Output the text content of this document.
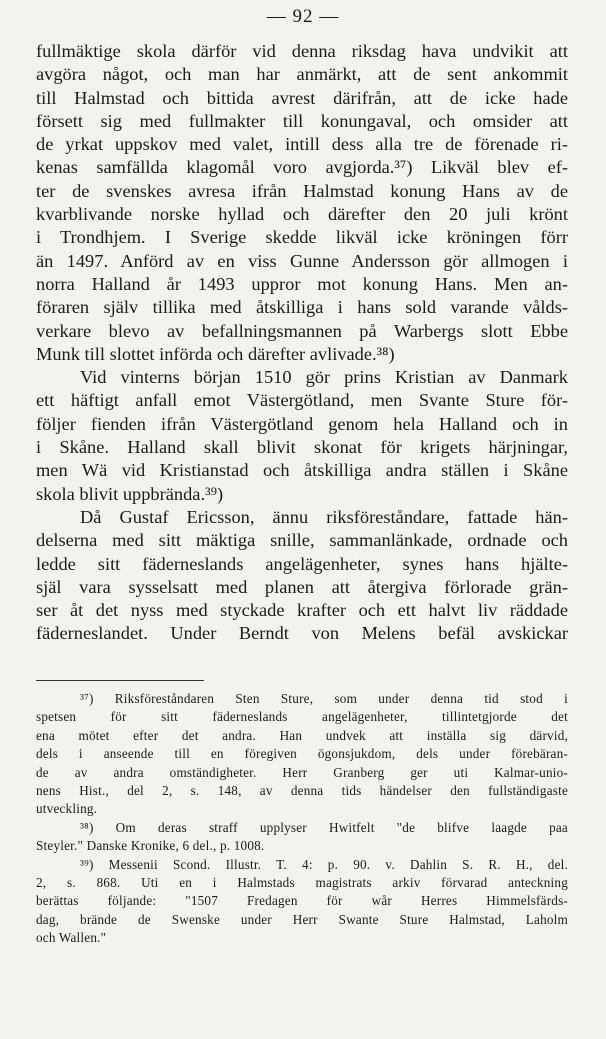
— 92 —
fullmäktige skola därför vid denna riksdag hava undvikit att
avgöra något, och man har anmärkt, att de sent ankommit
till Halmstad och bittida avrest därifrån, att de icke hade
försett sig med fullmakter till konungaval, och omsider att
de yrkat uppskov med valet, intill dess alla tre de förenade ri-
kenas samfällda klagomål voro avgjorda.³⁷) Likväl blev ef-
ter de svenskes avresa ifrån Halmstad konung Hans av de
kvarblivande norske hyllad och därefter den 20 juli krönt
i Trondhjem. I Sverige skedde likväl icke kröningen förr
än 1497. Anförd av en viss Gunne Andersson gör allmogen i
norra Halland år 1493 uppror mot konung Hans. Men an-
föraren själv tillika med åtskilliga i hans sold varande vålds-
verkare blevo av befallningsmannen på Warbergs slott Ebbe
Munk till slottet införda och därefter avlivade.³⁸)
Vid vinterns början 1510 gör prins Kristian av Danmark
ett häftigt anfall emot Västergötland, men Svante Sture för-
följer fienden ifrån Västergötland genom hela Halland och in
i Skåne. Halland skall blivit skonat för krigets härjningar,
men Wä vid Kristianstad och åtskilliga andra ställen i Skåne
skola blivit uppbrända.³⁹)
Då Gustaf Ericsson, ännu riksföreståndare, fattade hän-
delserna med sitt mäktiga snille, sammanlänkade, ordnade och
ledde sitt fäderneslands angelägenheter, synes hans hjälte-
själ vara sysselsatt med planen att återgiva förlorade grän-
ser åt det nyss med styckade krafter och ett halvt liv räddade
fäderneslandet. Under Berndt von Melens befäl avskickar
³⁷) Riksföreståndaren Sten Sture, som under denna tid stod i
spetsen för sitt fäderneslands angelägenheter, tillintetgjorde det
ena mötet efter det andra. Han undvek att inställa sig därvid,
dels i anseende till en föregiven ögonsjukdom, dels under förebäran-
de av andra omständigheter. Herr Granberg ger uti Kalmar-unio-
nens Hist., del 2, s. 148, av denna tids händelser den fullständigaste
utveckling.
³⁸) Om deras straff upplyser Hwitfelt "de blifve laagde paa
Steyler." Danske Kronike, 6 del., p. 1008.
³⁹) Messenii Scond. Illustr. T. 4: p. 90. v. Dahlin S. R. H., del.
2, s. 868. Uti en i Halmstads magistrats arkiv förvarad anteckning
berättas följande: "1507 Fredagen för wår Herres Himmelsfärds-
dag, brände de Swenske under Herr Swante Sture Halmstad, Laholm
och Wallen."
